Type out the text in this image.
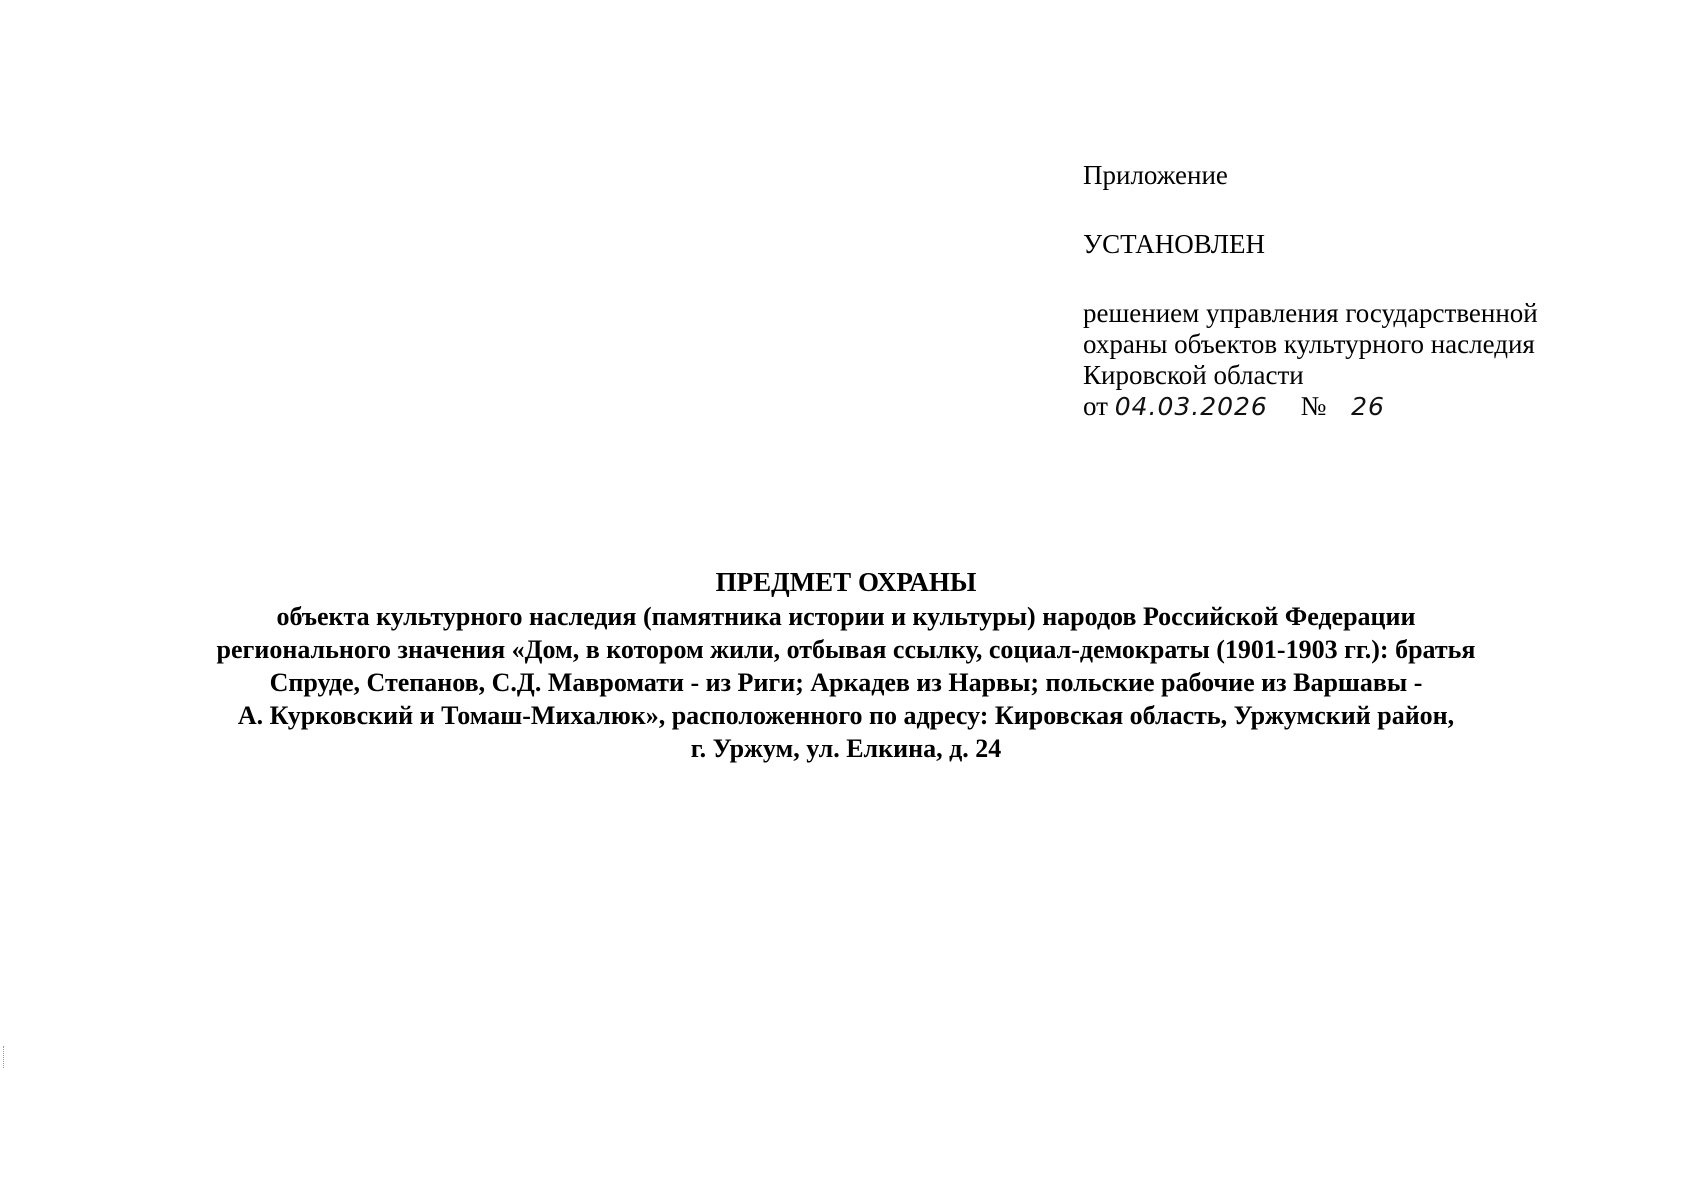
Приложение
УСТАНОВЛЕН
решением управления государственной
охраны объектов культурного наследия
Кировской области
от 04.03.2026 № 26
ПРЕДМЕТ ОХРАНЫ
объекта культурного наследия (памятника истории и культуры) народов Российской Федерации
регионального значения «Дом, в котором жили, отбывая ссылку, социал-демократы (1901-1903 гг.): братья
Спруде, Степанов, С.Д. Мавромати - из Риги; Аркадев из Нарвы; польские рабочие из Варшавы -
А. Курковский и Томаш-Михалюк», расположенного по адресу: Кировская область, Уржумский район,
г. Уржум, ул. Елкина, д. 24
